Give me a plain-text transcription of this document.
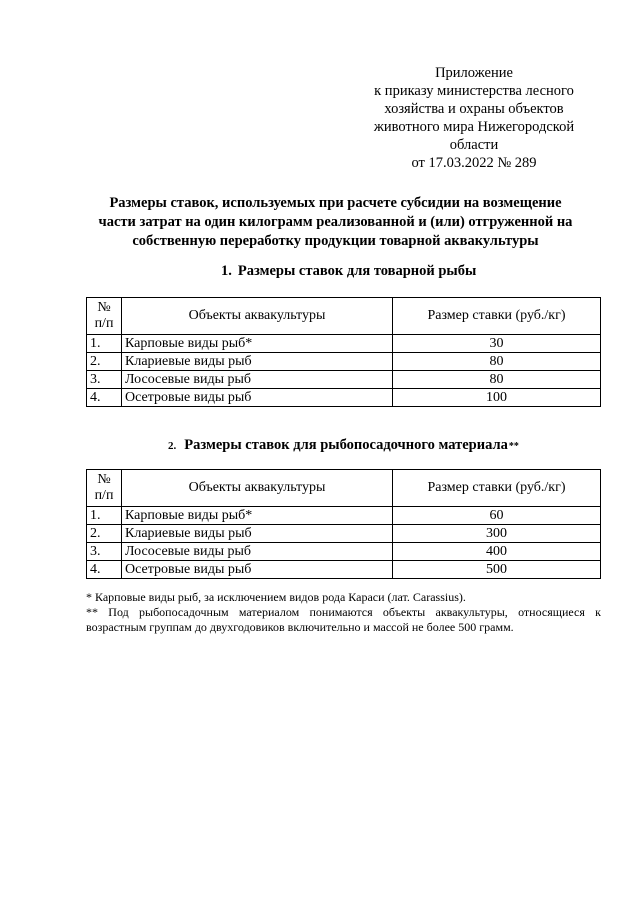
Приложение
к приказу министерства лесного
хозяйства и охраны объектов
животного мира Нижегородской
области
от 17.03.2022 № 289
Размеры ставок, используемых при расчете субсидии на возмещение
части затрат на один килограмм реализованной и (или) отгруженной на
собственную переработку продукции товарной аквакультуры
1. Размеры ставок для товарной рыбы
№
п/п	Объекты аквакультуры	Размер ставки (руб./кг)
1.	Карповые виды рыб*	30
2.	Клариевые виды рыб	80
3.	Лососевые виды рыб	80
4.	Осетровые виды рыб	100
2. Размеры ставок для рыбопосадочного материала**
№
п/п	Объекты аквакультуры	Размер ставки (руб./кг)
1.	Карповые виды рыб*	60
2.	Клариевые виды рыб	300
3.	Лососевые виды рыб	400
4.	Осетровые виды рыб	500

* Карповые виды рыб, за исключением видов рода Караси (лат. Carassius).

** Под рыбопосадочным материалом понимаются объекты аквакультуры, относящиеся к возрастным группам до двухгодовиков включительно и массой не более 500 грамм.
